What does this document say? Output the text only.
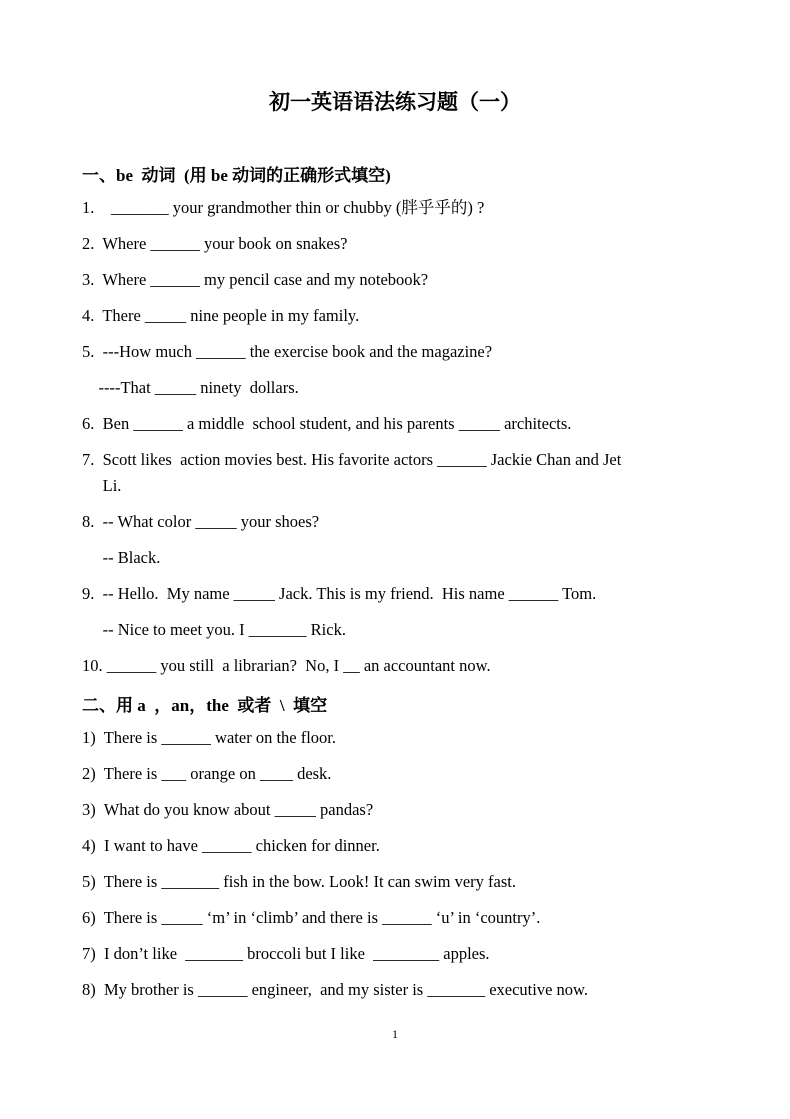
初一英语语法练习题（一）
一、be  动词  (用 be 动词的正确形式填空)
1.    _______ your grandmother thin or chubby (胖乎乎的) ?
2.  Where ______ your book on snakes?
3.  Where ______ my pencil case and my notebook?
4.  There _____ nine people in my family.
5.  ---How much ______ the exercise book and the magazine?
----That _____ ninety  dollars.
6.  Ben ______ a middle  school student, and his parents _____ architects.
7.  Scott likes  action movies best. His favorite actors ______ Jackie Chan and Jet
Li.
8.  -- What color _____ your shoes?
-- Black.
9.  -- Hello.  My name _____ Jack. This is my friend.  His name ______ Tom.
-- Nice to meet you. I _______ Rick.
10. ______ you still  a librarian?  No, I __ an accountant now.
二、用 a  ，an，the  或者  \  填空
1)  There is ______ water on the floor.
2)  There is ___ orange on ____ desk.
3)  What do you know about _____ pandas?
4)  I want to have ______ chicken for dinner.
5)  There is _______ fish in the bow. Look! It can swim very fast.
6)  There is _____ ‘m’ in ‘climb’ and there is ______ ‘u’ in ‘country’.
7)  I don’t like  _______ broccoli but I like  ________ apples.
8)  My brother is ______ engineer,  and my sister is _______ executive now.
1
